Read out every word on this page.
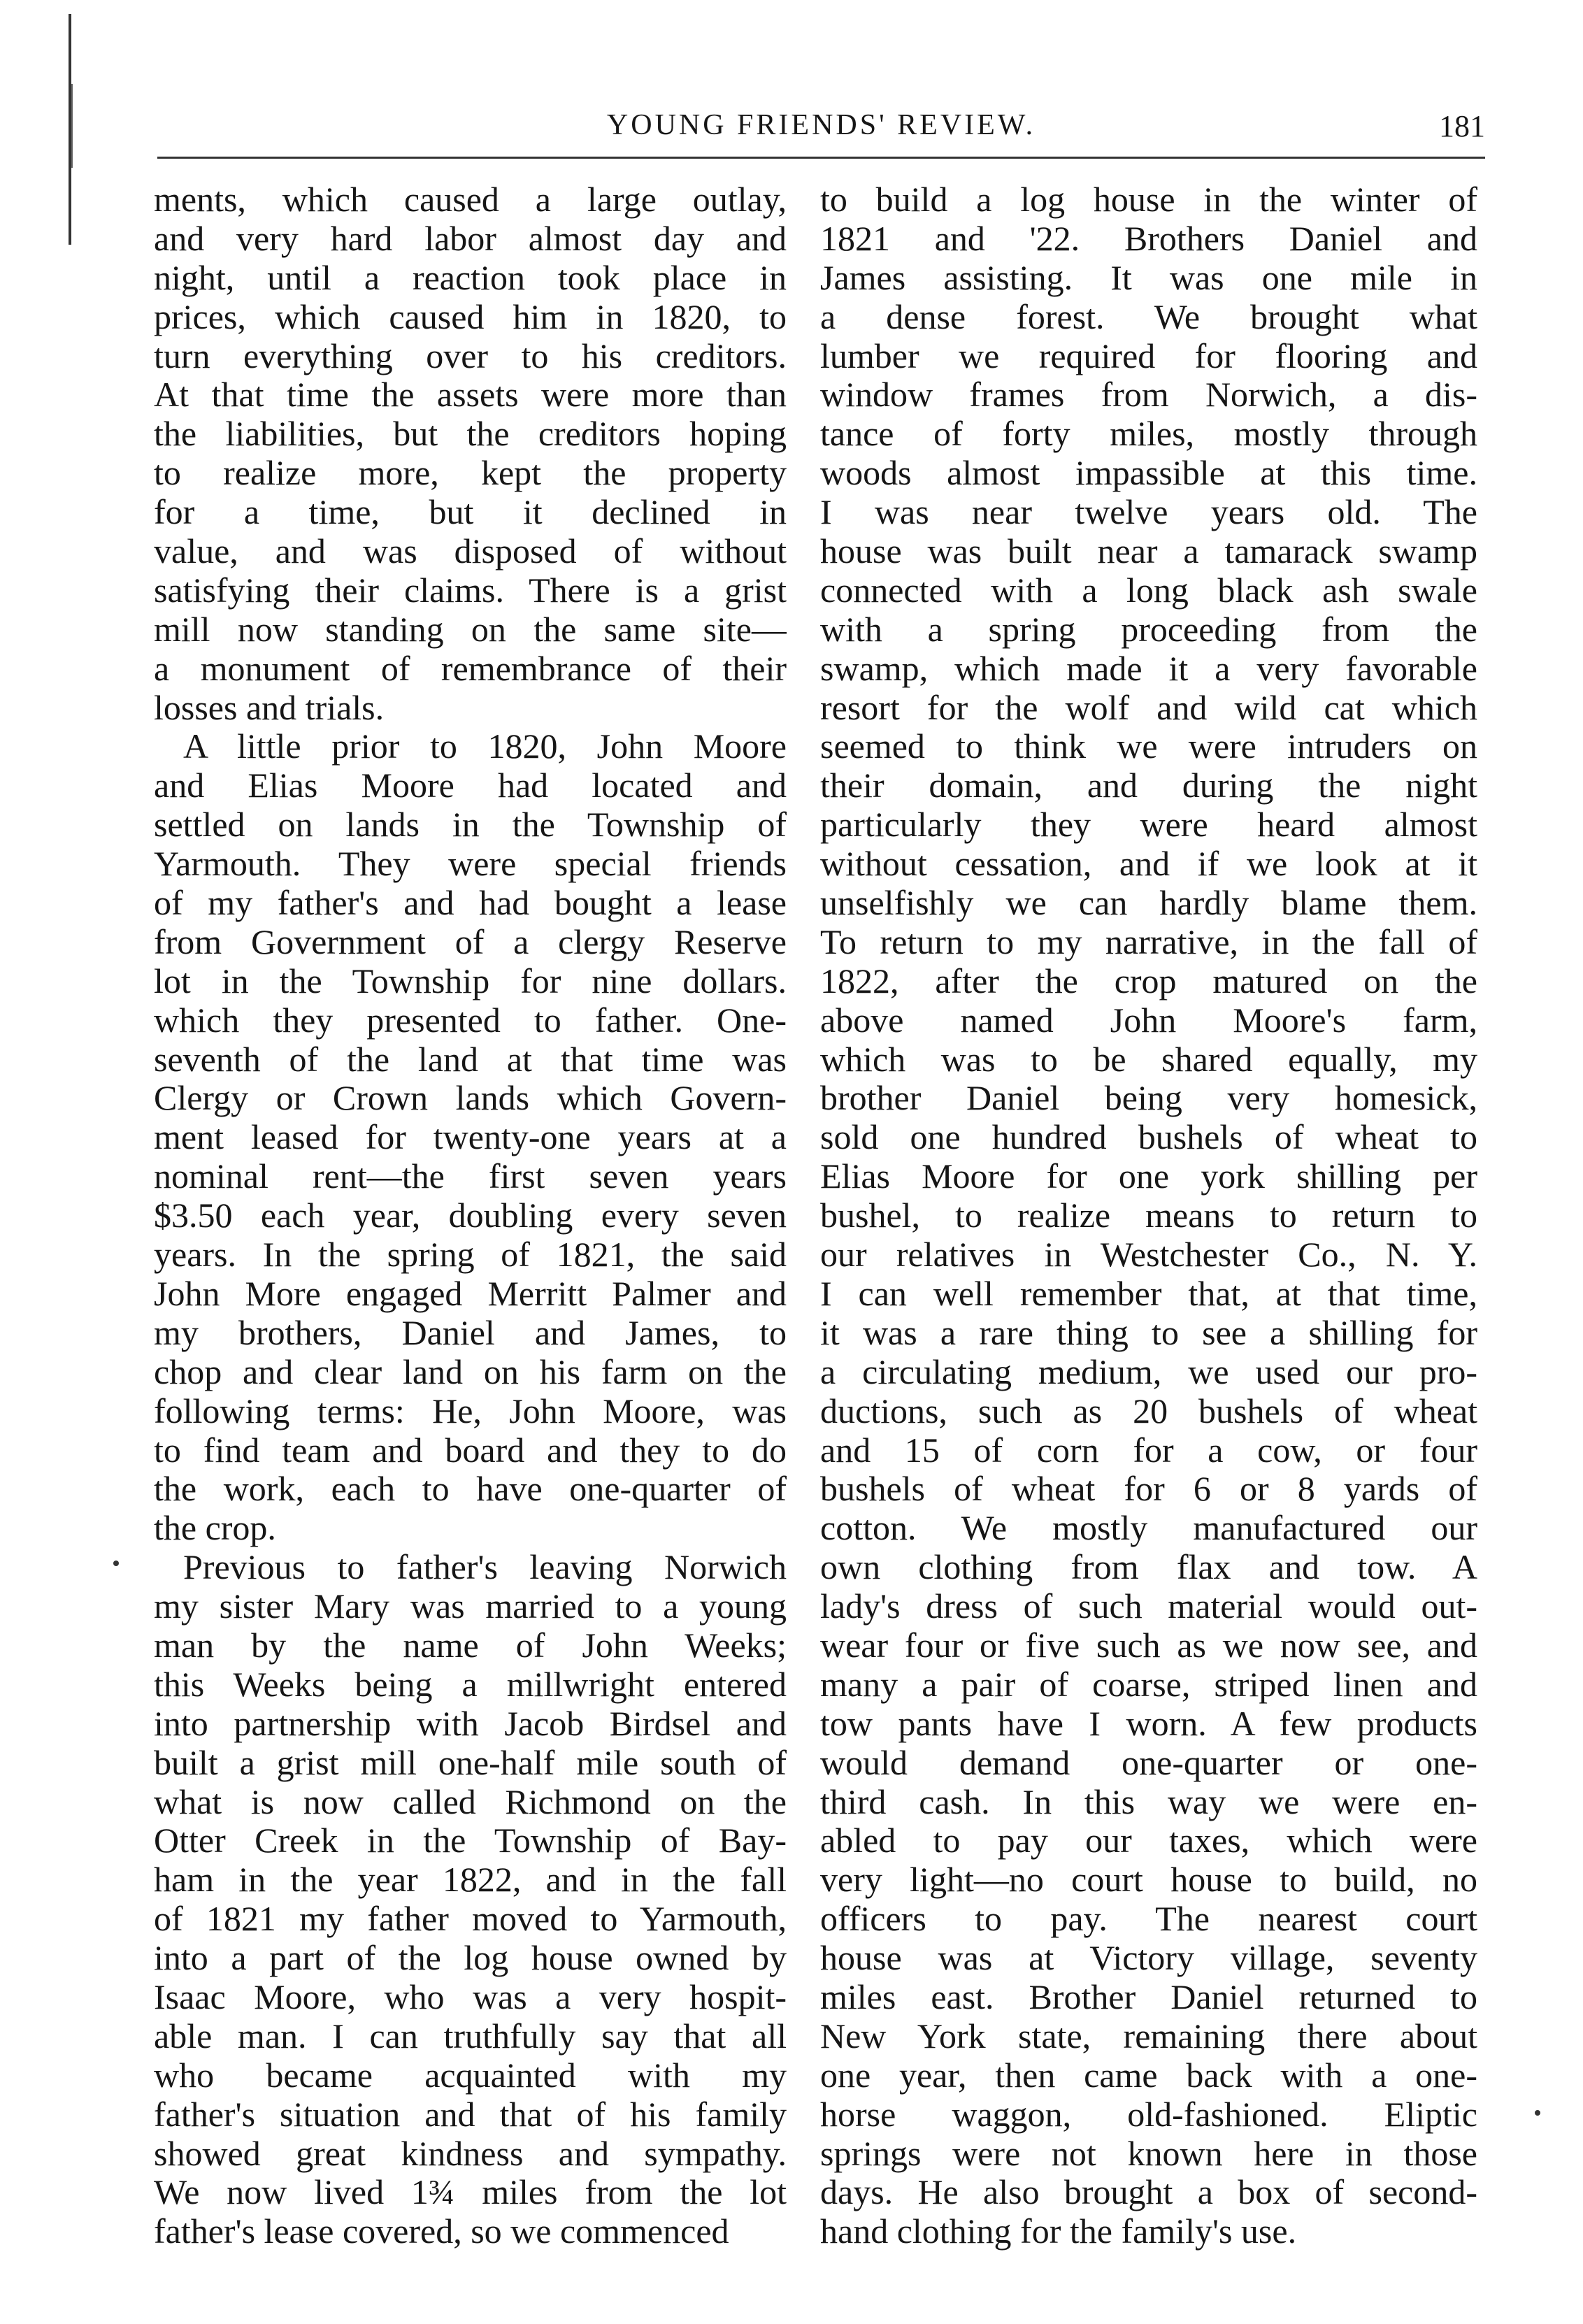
YOUNG FRIENDS' REVIEW.	181
ments, which caused a large outlay,
and very hard labor almost day and
night, until a reaction took place in
prices, which caused him in 1820, to
turn everything over to his creditors.
At that time the assets were more than
the liabilities, but the creditors hoping
to realize more, kept the property
for a time, but it declined in
value, and was disposed of without
satisfying their claims. There is a grist
mill now standing on the same site—
a monument of remembrance of their
losses and trials.
A little prior to 1820, John Moore
and Elias Moore had located and
settled on lands in the Township of
Yarmouth. They were special friends
of my father's and had bought a lease
from Government of a clergy Reserve
lot in the Township for nine dollars.
which they presented to father. One-
seventh of the land at that time was
Clergy or Crown lands which Govern-
ment leased for twenty-one years at a
nominal rent—the first seven years
$3.50 each year, doubling every seven
years. In the spring of 1821, the said
John More engaged Merritt Palmer and
my brothers, Daniel and James, to
chop and clear land on his farm on the
following terms: He, John Moore, was
to find team and board and they to do
the work, each to have one-quarter of
the crop.
Previous to father's leaving Norwich
my sister Mary was married to a young
man by the name of John Weeks;
this Weeks being a millwright entered
into partnership with Jacob Birdsel and
built a grist mill one-half mile south of
what is now called Richmond on the
Otter Creek in the Township of Bay-
ham in the year 1822, and in the fall
of 1821 my father moved to Yarmouth,
into a part of the log house owned by
Isaac Moore, who was a very hospit-
able man. I can truthfully say that all
who became acquainted with my
father's situation and that of his family
showed great kindness and sympathy.
We now lived 1¾ miles from the lot
father's lease covered, so we commenced
to build a log house in the winter of
1821 and '22. Brothers Daniel and
James assisting. It was one mile in
a dense forest. We brought what
lumber we required for flooring and
window frames from Norwich, a dis-
tance of forty miles, mostly through
woods almost impassible at this time.
I was near twelve years old. The
house was built near a tamarack swamp
connected with a long black ash swale
with a spring proceeding from the
swamp, which made it a very favorable
resort for the wolf and wild cat which
seemed to think we were intruders on
their domain, and during the night
particularly they were heard almost
without cessation, and if we look at it
unselfishly we can hardly blame them.
To return to my narrative, in the fall of
1822, after the crop matured on the
above named John Moore's farm,
which was to be shared equally, my
brother Daniel being very homesick,
sold one hundred bushels of wheat to
Elias Moore for one york shilling per
bushel, to realize means to return to
our relatives in Westchester Co., N. Y.
I can well remember that, at that time,
it was a rare thing to see a shilling for
a circulating medium, we used our pro-
ductions, such as 20 bushels of wheat
and 15 of corn for a cow, or four
bushels of wheat for 6 or 8 yards of
cotton. We mostly manufactured our
own clothing from flax and tow. A
lady's dress of such material would out-
wear four or five such as we now see, and
many a pair of coarse, striped linen and
tow pants have I worn. A few products
would demand one-quarter or one-
third cash. In this way we were en-
abled to pay our taxes, which were
very light—no court house to build, no
officers to pay. The nearest court
house was at Victory village, seventy
miles east. Brother Daniel returned to
New York state, remaining there about
one year, then came back with a one-
horse waggon, old-fashioned. Eliptic
springs were not known here in those
days. He also brought a box of second-
hand clothing for the family's use.
